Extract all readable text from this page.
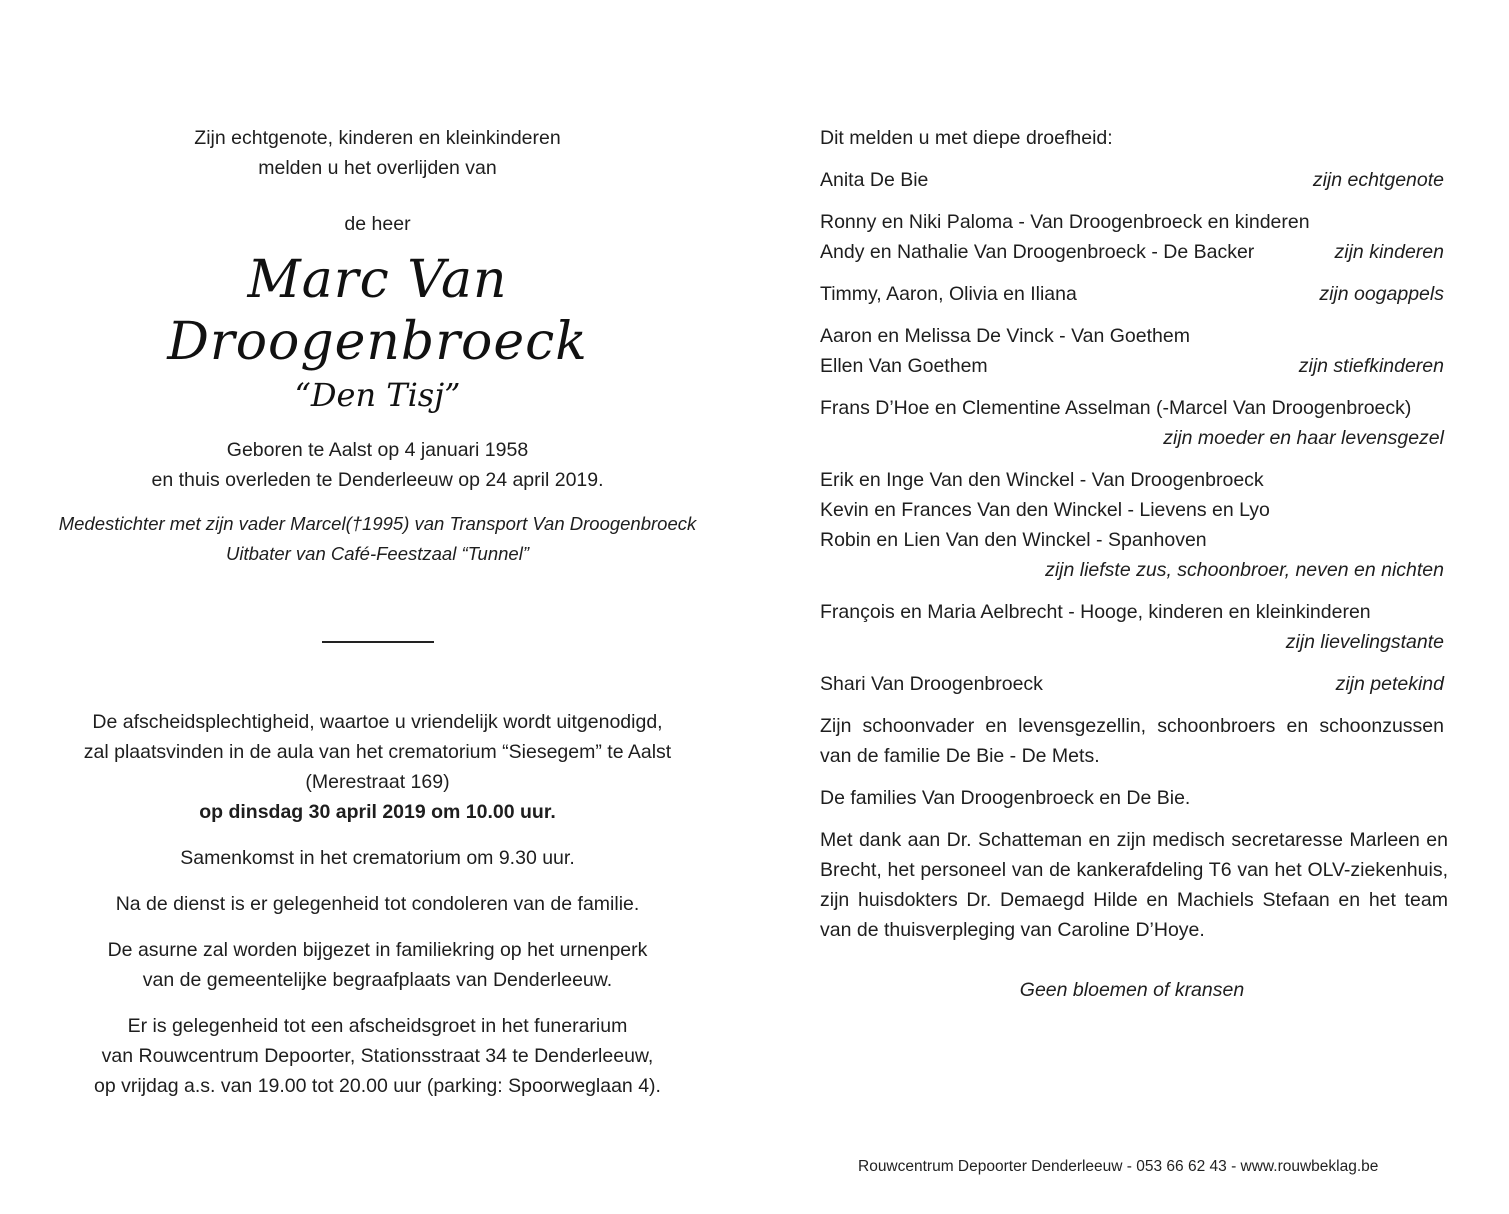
Zijn echtgenote, kinderen en kleinkinderen
melden u het overlijden van
de heer
Marc Van Droogenbroeck
“Den Tisj”
Geboren te Aalst op 4 januari 1958
en thuis overleden te Denderleeuw op 24 april 2019.
Medestichter met zijn vader Marcel(†1995) van Transport Van Droogenbroeck
Uitbater van Café-Feestzaal “Tunnel”
De afscheidsplechtigheid, waartoe u vriendelijk wordt uitgenodigd,
zal plaatsvinden in de aula van het crematorium “Siesegem” te Aalst
(Merestraat 169)
op dinsdag 30 april 2019 om 10.00 uur.
Samenkomst in het crematorium om 9.30 uur.
Na de dienst is er gelegenheid tot condoleren van de familie.
De asurne zal worden bijgezet in familiekring op het urnenperk
van de gemeentelijke begraafplaats van Denderleeuw.
Er is gelegenheid tot een afscheidsgroet in het funerarium
van Rouwcentrum Depoorter, Stationsstraat 34 te Denderleeuw,
op vrijdag a.s. van 19.00 tot 20.00 uur (parking: Spoorweglaan 4).
Dit melden u met diepe droefheid:
Anita De Bie	zijn echtgenote
Ronny en Niki Paloma - Van Droogenbroeck en kinderen
Andy en Nathalie Van Droogenbroeck - De Backer	zijn kinderen
Timmy, Aaron, Olivia en Iliana	zijn oogappels
Aaron en Melissa De Vinck - Van Goethem
Ellen Van Goethem	zijn stiefkinderen
Frans D’Hoe en Clementine Asselman (-Marcel Van Droogenbroeck)
zijn moeder en haar levensgezel
Erik en Inge Van den Winckel - Van Droogenbroeck
Kevin en Frances Van den Winckel - Lievens en Lyo
Robin en Lien Van den Winckel - Spanhoven
zijn liefste zus, schoonbroer, neven en nichten
François en Maria Aelbrecht - Hooge, kinderen en kleinkinderen
zijn lievelingstante
Shari Van Droogenbroeck	zijn petekind
Zijn schoonvader en levensgezellin, schoonbroers en schoonzussen van de familie De Bie - De Mets.
De families Van Droogenbroeck en De Bie.
Met dank aan Dr. Schatteman en zijn medisch secretaresse Marleen en Brecht, het personeel van de kankerafdeling T6 van het OLV-ziekenhuis, zijn huisdokters Dr. Demaegd Hilde en Machiels Stefaan en het team van de thuisverpleging van Caroline D’Hoye.
Geen bloemen of kransen
Rouwcentrum Depoorter Denderleeuw - 053 66 62 43 - www.rouwbeklag.be
